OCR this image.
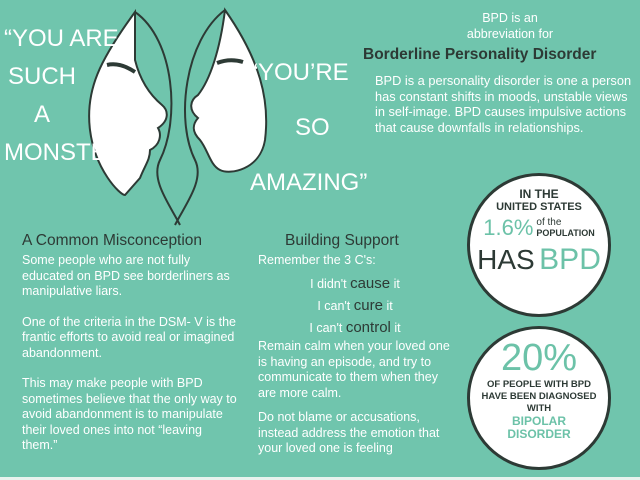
“YOU ARE
SUCH
A
MONSTER”
“YOU’RE
SO
AMAZING”
BPD is an
abbreviation for
Borderline Personality Disorder
BPD is a personality disorder is one a person has constant shifts in moods, unstable views in self-image. BPD causes impulsive actions that cause downfalls in relationships.
A Common Misconception

Some people who are not fully educated on BPD see borderliners as manipulative liars.

One of the criteria in the DSM- V is the frantic efforts to avoid real or imagined abandonment.

This may make people with BPD sometimes believe that the only way to avoid abandonment is to manipulate their loved ones into not “leaving them.”

Building Support
Remember the 3 C's:
I didn't cause it
I can't cure it
I can't control it

Remain calm when your loved one is having an episode, and try to communicate to them when they are more calm.

Do not blame or accusations, instead address the emotion that your loved one is feeling

IN THE
UNITED STATES
1.6% of the
POPULATION
HAS BPD
20%
OF PEOPLE WITH BPD HAVE BEEN DIAGNOSED WITH
BIPOLAR DISORDER
